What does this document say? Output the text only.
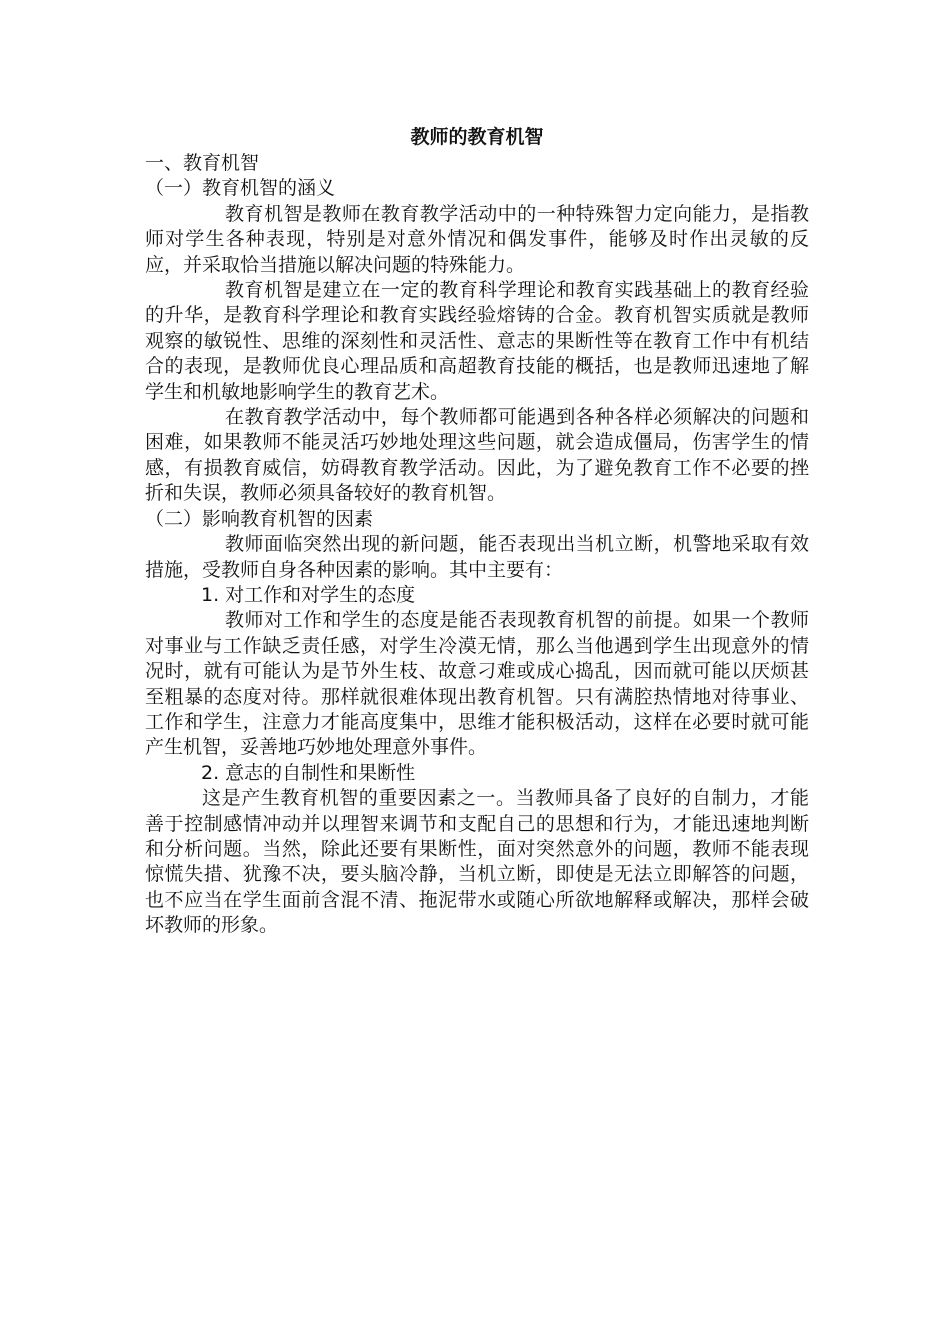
教师的教育机智
一、教育机智
（一）教育机智的涵义

教育机智是教师在教育教学活动中的一种特殊智力定向能力，是指教师对学生各种表现，特别是对意外情况和偶发事件，能够及时作出灵敏的反应，并采取恰当措施以解决问题的特殊能力。

教育机智是建立在一定的教育科学理论和教育实践基础上的教育经验的升华，是教育科学理论和教育实践经验熔铸的合金。教育机智实质就是教师观察的敏锐性、思维的深刻性和灵活性、意志的果断性等在教育工作中有机结合的表现，是教师优良心理品质和高超教育技能的概括，也是教师迅速地了解学生和机敏地影响学生的教育艺术。

在教育教学活动中，每个教师都可能遇到各种各样必须解决的问题和困难，如果教师不能灵活巧妙地处理这些问题，就会造成僵局，伤害学生的情感，有损教育威信，妨碍教育教学活动。因此，为了避免教育工作不必要的挫折和失误，教师必须具备较好的教育机智。

（二）影响教育机智的因素

教师面临突然出现的新问题，能否表现出当机立断，机警地采取有效措施，受教师自身各种因素的影响。其中主要有：

1. 对工作和对学生的态度

教师对工作和学生的态度是能否表现教育机智的前提。如果一个教师对事业与工作缺乏责任感，对学生冷漠无情，那么当他遇到学生出现意外的情况时，就有可能认为是节外生枝、故意刁难或成心捣乱，因而就可能以厌烦甚至粗暴的态度对待。那样就很难体现出教育机智。只有满腔热情地对待事业、工作和学生，注意力才能高度集中，思维才能积极活动，这样在必要时就可能产生机智，妥善地巧妙地处理意外事件。

2. 意志的自制性和果断性

这是产生教育机智的重要因素之一。当教师具备了良好的自制力，才能善于控制感情冲动并以理智来调节和支配自己的思想和行为，才能迅速地判断和分析问题。当然，除此还要有果断性，面对突然意外的问题，教师不能表现惊慌失措、犹豫不决，要头脑冷静，当机立断，即使是无法立即解答的问题，也不应当在学生面前含混不清、拖泥带水或随心所欲地解释或解决，那样会破坏教师的形象。
